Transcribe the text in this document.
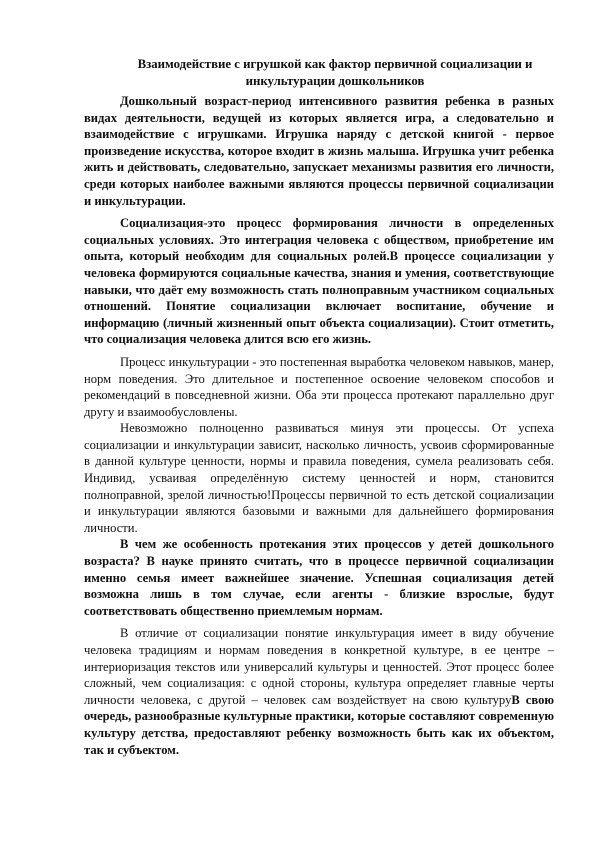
Взаимодействие с игрушкой как фактор первичной социализации и инкультурации дошкольников

Дошкольный возраст-период интенсивного развития ребенка в разных видах деятельности, ведущей из которых является игра, а следовательно и взаимодействие с игрушками. Игрушка наряду с детской книгой - первое произведение искусства, которое входит в жизнь малыша. Игрушка учит ребенка жить и действовать, следовательно, запускает механизмы развития его личности, среди которых наиболее важными являются процессы первичной социализации и инкультурации.

Социализация-это процесс формирования личности в определенных социальных условиях. Это интеграция человека с обществом, приобретение им опыта, который необходим для социальных ролей.В процессе социализации у человека формируются социальные качества, знания и умения, соответствующие навыки, что даёт ему возможность стать полноправным участником социальных отношений. Понятие социализации включает воспитание, обучение и информацию (личный жизненный опыт объекта социализации). Стоит отметить, что социализация человека длится всю его жизнь.

Процесс инкультурации - это постепенная выработка человеком навыков, манер, норм поведения. Это длительное и постепенное освоение человеком способов и рекомендаций в повседневной жизни. Оба эти процесса протекают параллельно друг другу и взаимообусловлены.

Невозможно полноценно развиваться минуя эти процессы. От успеха социализации и инкультурации зависит, насколько личность, усвоив сформированные в данной культуре ценности, нормы и правила поведения, сумела реализовать себя. Индивид, усваивая определённую систему ценностей и норм, становится полноправной, зрелой личностью!Процессы первичной то есть детской социализации и инкультурации являются базовыми и важными для дальнейшего формирования личности.

В чем же особенность протекания этих процессов у детей дошкольного возраста? В науке принято считать, что в процессе первичной социализации именно семья имеет важнейшее значение. Успешная социализация детей возможна лишь в том случае, если агенты - близкие взрослые, будут соответствовать общественно приемлемым нормам.

В отличие от социализации понятие инкультурация имеет в виду обучение человека традициям и нормам поведения в конкретной культуре, в ее центре – интериоризация текстов или универсалий культуры и ценностей. Этот процесс более сложный, чем социализация: с одной стороны, культура определяет главные черты личности человека, с другой – человек сам воздействует на свою культуруВ свою очередь, разнообразные культурные практики, которые составляют современную культуру детства, предоставляют ребенку возможность быть как их объектом, так и субъектом.
